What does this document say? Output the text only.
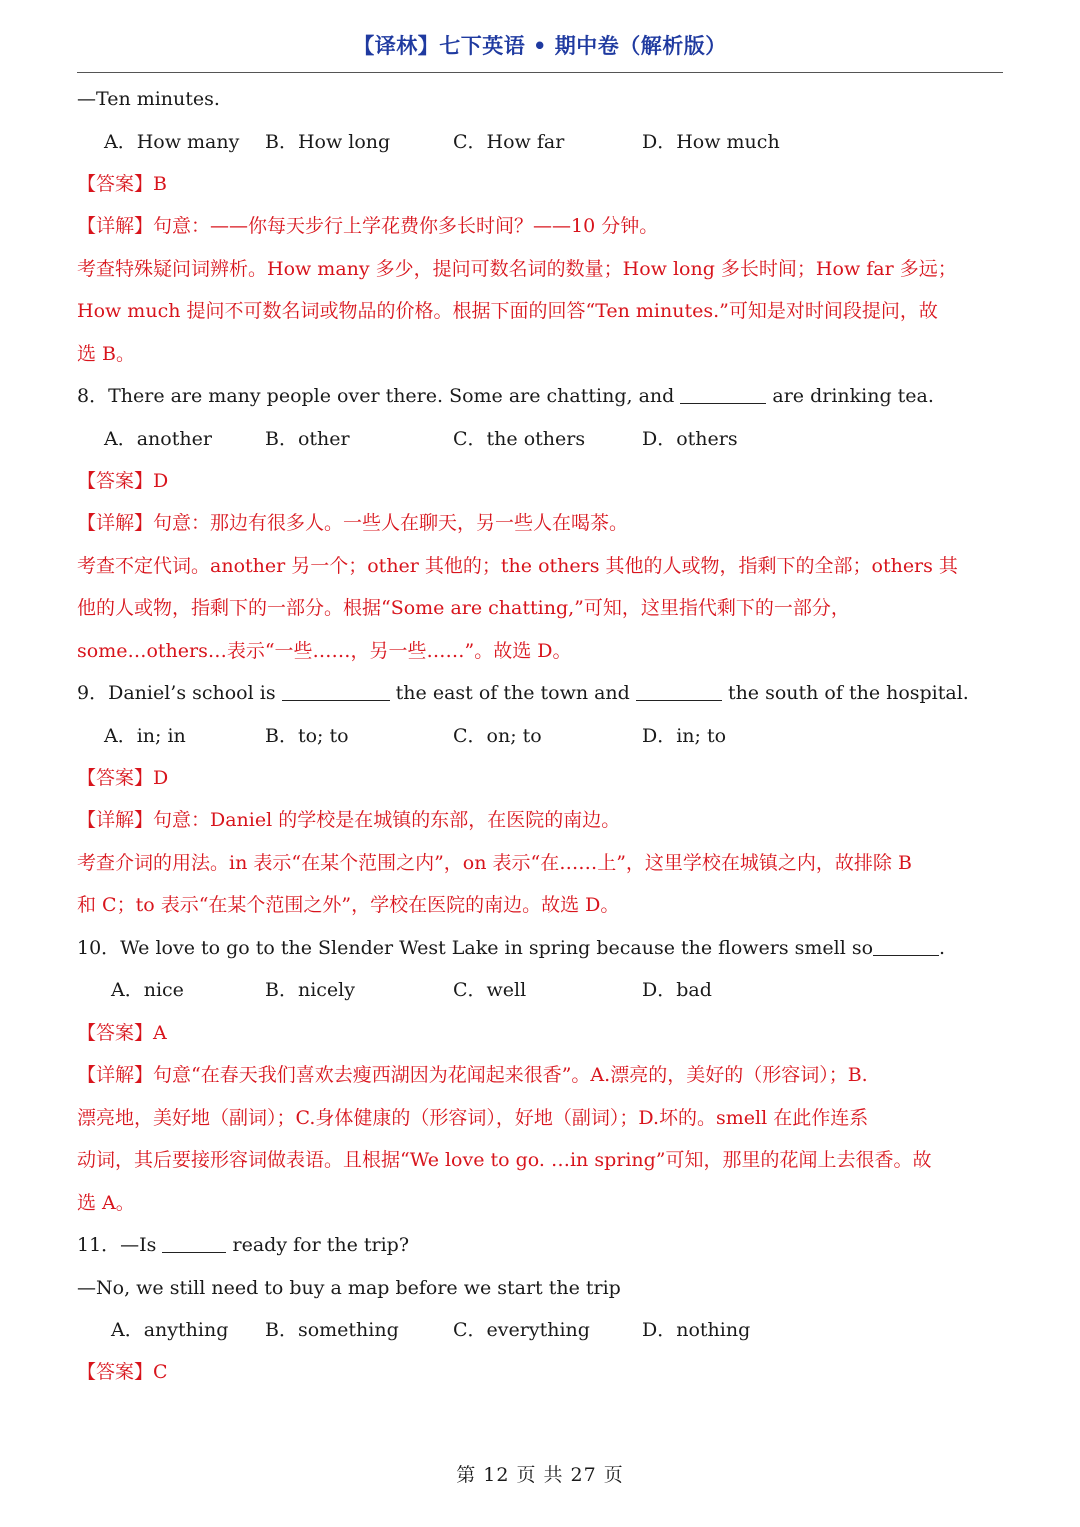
【译林】七下英语 • 期中卷（解析版）
—Ten minutes.
A．How many B．How long	C．How far	D．How much
【答案】B
【详解】句意：——你每天步行上学花费你多长时间？——10 分钟。
考查特殊疑问词辨析。How many 多少，提问可数名词的数量；How long 多长时间；How far 多远；
How much 提问不可数名词或物品的价格。根据下面的回答“Ten minutes.”可知是对时间段提问，故
选 B。
8．There are many people over there. Some are chatting, and	are drinking tea.
A．another	B．other	C．the others	D．others
【答案】D
【详解】句意：那边有很多人。一些人在聊天，另一些人在喝茶。
考查不定代词。another 另一个；other 其他的；the others 其他的人或物，指剩下的全部；others 其
他的人或物，指剩下的一部分。根据“Some are chatting,”可知，这里指代剩下的一部分，
some…others…表示“一些……，另一些……”。故选 D。
9．Daniel’s school is	the east of the town and	the south of the hospital.
A．in; in	B．to; to	C．on; to	D．in; to
【答案】D
【详解】句意：Daniel 的学校是在城镇的东部，在医院的南边。
考查介词的用法。in 表示“在某个范围之内”，on 表示“在……上”，这里学校在城镇之内，故排除 B
和 C；to 表示“在某个范围之外”，学校在医院的南边。故选 D。
10．We love to go to the Slender West Lake in spring because the flowers smell so	.
A．nice	B．nicely	C．well	D．bad
【答案】A
【详解】句意“在春天我们喜欢去瘦西湖因为花闻起来很香”。A.漂亮的，美好的（形容词）；B.
漂亮地，美好地（副词）；C.身体健康的（形容词），好地（副词）；D.坏的。smell 在此作连系
动词，其后要接形容词做表语。且根据“We love to go. …in spring”可知，那里的花闻上去很香。故
选 A。
11．—Is	ready for the trip?
—No, we still need to buy a map before we start the trip
A．anything B．something	C．everything	D．nothing
【答案】C
第 12 页 共 27 页
